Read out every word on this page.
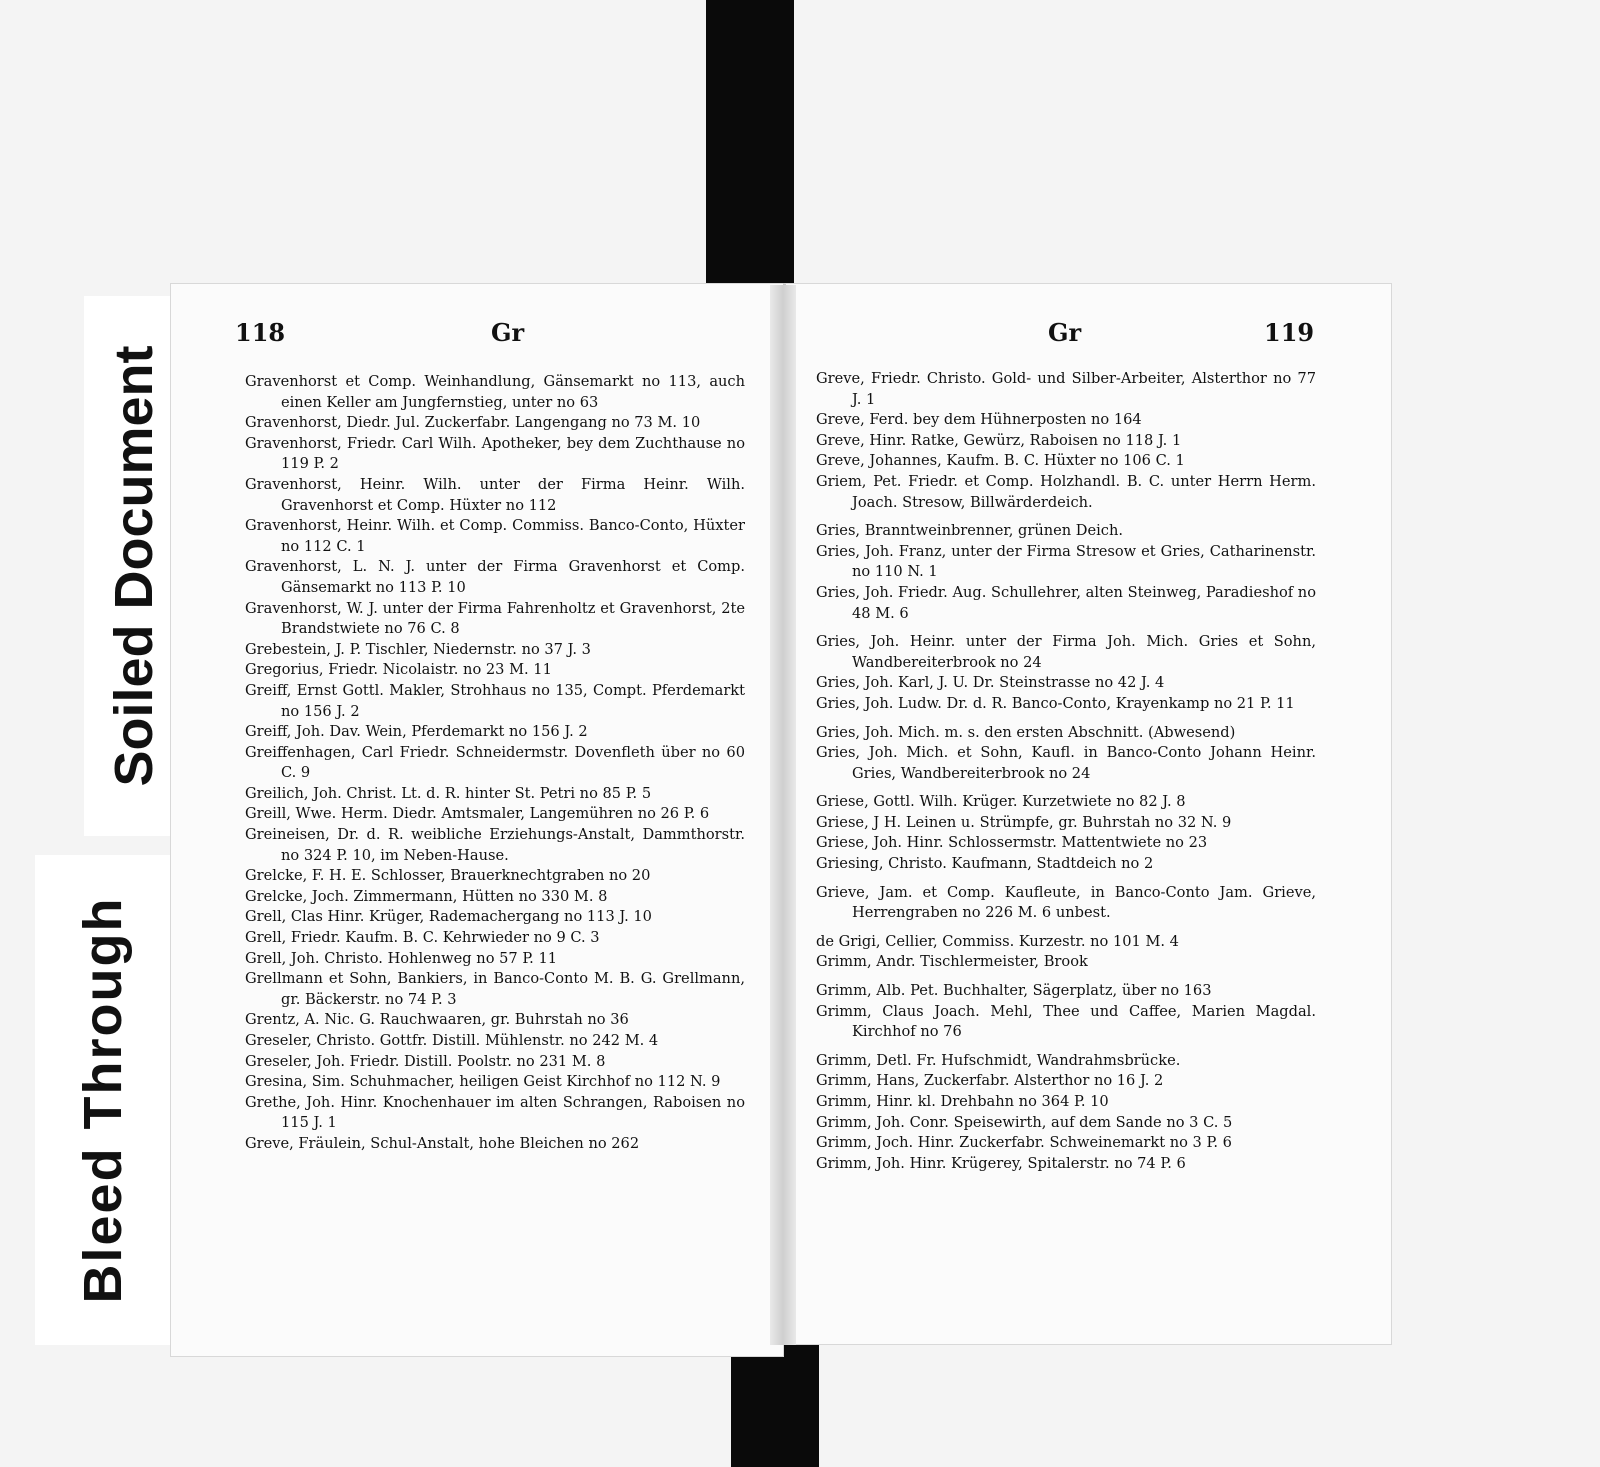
Soiled Document
Bleed Through
118	Gr
Gravenhorst et Comp. Weinhandlung, Gänsemarkt no 113, auch einen Keller am Jungfernstieg, unter no 63
Gravenhorst, Diedr. Jul. Zuckerfabr. Langengang no 73 M. 10
Gravenhorst, Friedr. Carl Wilh. Apotheker, bey dem Zuchthause no 119 P. 2
Gravenhorst, Heinr. Wilh. unter der Firma Heinr. Wilh. Gravenhorst et Comp. Hüxter no 112
Gravenhorst, Heinr. Wilh. et Comp. Commiss. Banco-Conto, Hüxter no 112 C. 1
Gravenhorst, L. N. J. unter der Firma Gravenhorst et Comp. Gänsemarkt no 113 P. 10
Gravenhorst, W. J. unter der Firma Fahrenholtz et Gravenhorst, 2te Brandstwiete no 76 C. 8
Grebestein, J. P. Tischler, Niedernstr. no 37 J. 3
Gregorius, Friedr. Nicolaistr. no 23 M. 11
Greiff, Ernst Gottl. Makler, Strohhaus no 135, Compt. Pferdemarkt no 156 J. 2
Greiff, Joh. Dav. Wein, Pferdemarkt no 156 J. 2
Greiffenhagen, Carl Friedr. Schneidermstr. Dovenfleth über no 60 C. 9
Greilich, Joh. Christ. Lt. d. R. hinter St. Petri no 85 P. 5
Greill, Wwe. Herm. Diedr. Amtsmaler, Langemühren no 26 P. 6
Greineisen, Dr. d. R. weibliche Erziehungs-Anstalt, Dammthorstr. no 324 P. 10, im Neben-Hause.
Grelcke, F. H. E. Schlosser, Brauerknechtgraben no 20
Grelcke, Joch. Zimmermann, Hütten no 330 M. 8
Grell, Clas Hinr. Krüger, Rademachergang no 113 J. 10
Grell, Friedr. Kaufm. B. C. Kehrwieder no 9 C. 3
Grell, Joh. Christo. Hohlenweg no 57 P. 11
Grellmann et Sohn, Bankiers, in Banco-Conto M. B. G. Grellmann, gr. Bäckerstr. no 74 P. 3
Grentz, A. Nic. G. Rauchwaaren, gr. Buhrstah no 36
Greseler, Christo. Gottfr. Distill. Mühlenstr. no 242 M. 4
Greseler, Joh. Friedr. Distill. Poolstr. no 231 M. 8
Gresina, Sim. Schuhmacher, heiligen Geist Kirchhof no 112 N. 9
Grethe, Joh. Hinr. Knochenhauer im alten Schrangen, Raboisen no 115 J. 1
Greve, Fräulein, Schul-Anstalt, hohe Bleichen no 262
Gr	119
Greve, Friedr. Christo. Gold- und Silber-Arbeiter, Alsterthor no 77 J. 1
Greve, Ferd. bey dem Hühnerposten no 164
Greve, Hinr. Ratke, Gewürz, Raboisen no 118 J. 1
Greve, Johannes, Kaufm. B. C. Hüxter no 106 C. 1
Griem, Pet. Friedr. et Comp. Holzhandl. B. C. unter Herrn Herm. Joach. Stresow, Billwärderdeich.
Gries, Branntweinbrenner, grünen Deich.
Gries, Joh. Franz, unter der Firma Stresow et Gries, Catharinenstr. no 110 N. 1
Gries, Joh. Friedr. Aug. Schullehrer, alten Steinweg, Paradieshof no 48 M. 6
Gries, Joh. Heinr. unter der Firma Joh. Mich. Gries et Sohn, Wandbereiterbrook no 24
Gries, Joh. Karl, J. U. Dr. Steinstrasse no 42 J. 4
Gries, Joh. Ludw. Dr. d. R. Banco-Conto, Krayenkamp no 21 P. 11
Gries, Joh. Mich. m. s. den ersten Abschnitt. (Abwesend)
Gries, Joh. Mich. et Sohn, Kaufl. in Banco-Conto Johann Heinr. Gries, Wandbereiterbrook no 24
Griese, Gottl. Wilh. Krüger. Kurzetwiete no 82 J. 8
Griese, J H. Leinen u. Strümpfe, gr. Buhrstah no 32 N. 9
Griese, Joh. Hinr. Schlossermstr. Mattentwiete no 23
Griesing, Christo. Kaufmann, Stadtdeich no 2
Grieve, Jam. et Comp. Kaufleute, in Banco-Conto Jam. Grieve, Herrengraben no 226 M. 6 unbest.
de Grigi, Cellier, Commiss. Kurzestr. no 101 M. 4
Grimm, Andr. Tischlermeister, Brook
Grimm, Alb. Pet. Buchhalter, Sägerplatz, über no 163
Grimm, Claus Joach. Mehl, Thee und Caffee, Marien Magdal. Kirchhof no 76
Grimm, Detl. Fr. Hufschmidt, Wandrahmsbrücke.
Grimm, Hans, Zuckerfabr. Alsterthor no 16 J. 2
Grimm, Hinr. kl. Drehbahn no 364 P. 10
Grimm, Joh. Conr. Speisewirth, auf dem Sande no 3 C. 5
Grimm, Joch. Hinr. Zuckerfabr. Schweinemarkt no 3 P. 6
Grimm, Joh. Hinr. Krügerey, Spitalerstr. no 74 P. 6
